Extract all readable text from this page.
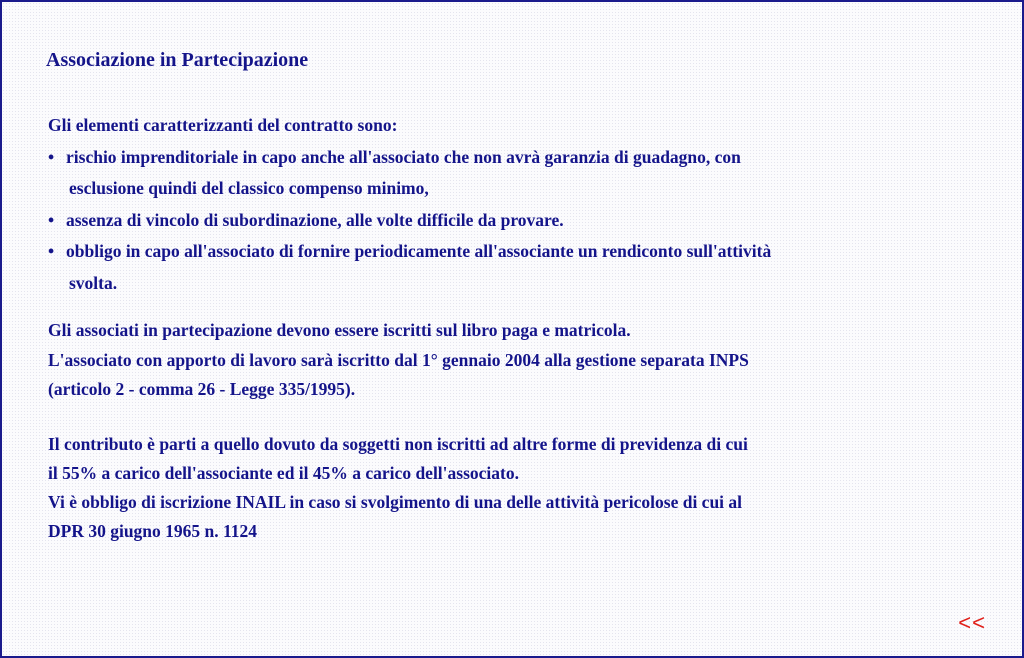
Associazione in Partecipazione
Gli elementi caratterizzanti del contratto sono:
• rischio imprenditoriale in capo anche all'associato che non avrà garanzia di guadagno, con
esclusione quindi del classico compenso minimo,
• assenza di vincolo di subordinazione, alle volte difficile da provare.
• obbligo in capo all'associato di fornire periodicamente all'associante un rendiconto sull'attività
svolta.
Gli associati in partecipazione devono essere iscritti sul libro paga e matricola.
L'associato con apporto di lavoro sarà iscritto dal 1° gennaio 2004 alla gestione separata INPS
(articolo 2 - comma 26 - Legge 335/1995).
Il contributo è parti a quello dovuto da soggetti non iscritti ad altre forme di previdenza di cui
il 55% a carico dell'associante ed il 45% a carico dell'associato.
Vi è obbligo di iscrizione INAIL in caso si svolgimento di una delle attività pericolose di cui al
DPR 30 giugno 1965 n. 1124
<<
